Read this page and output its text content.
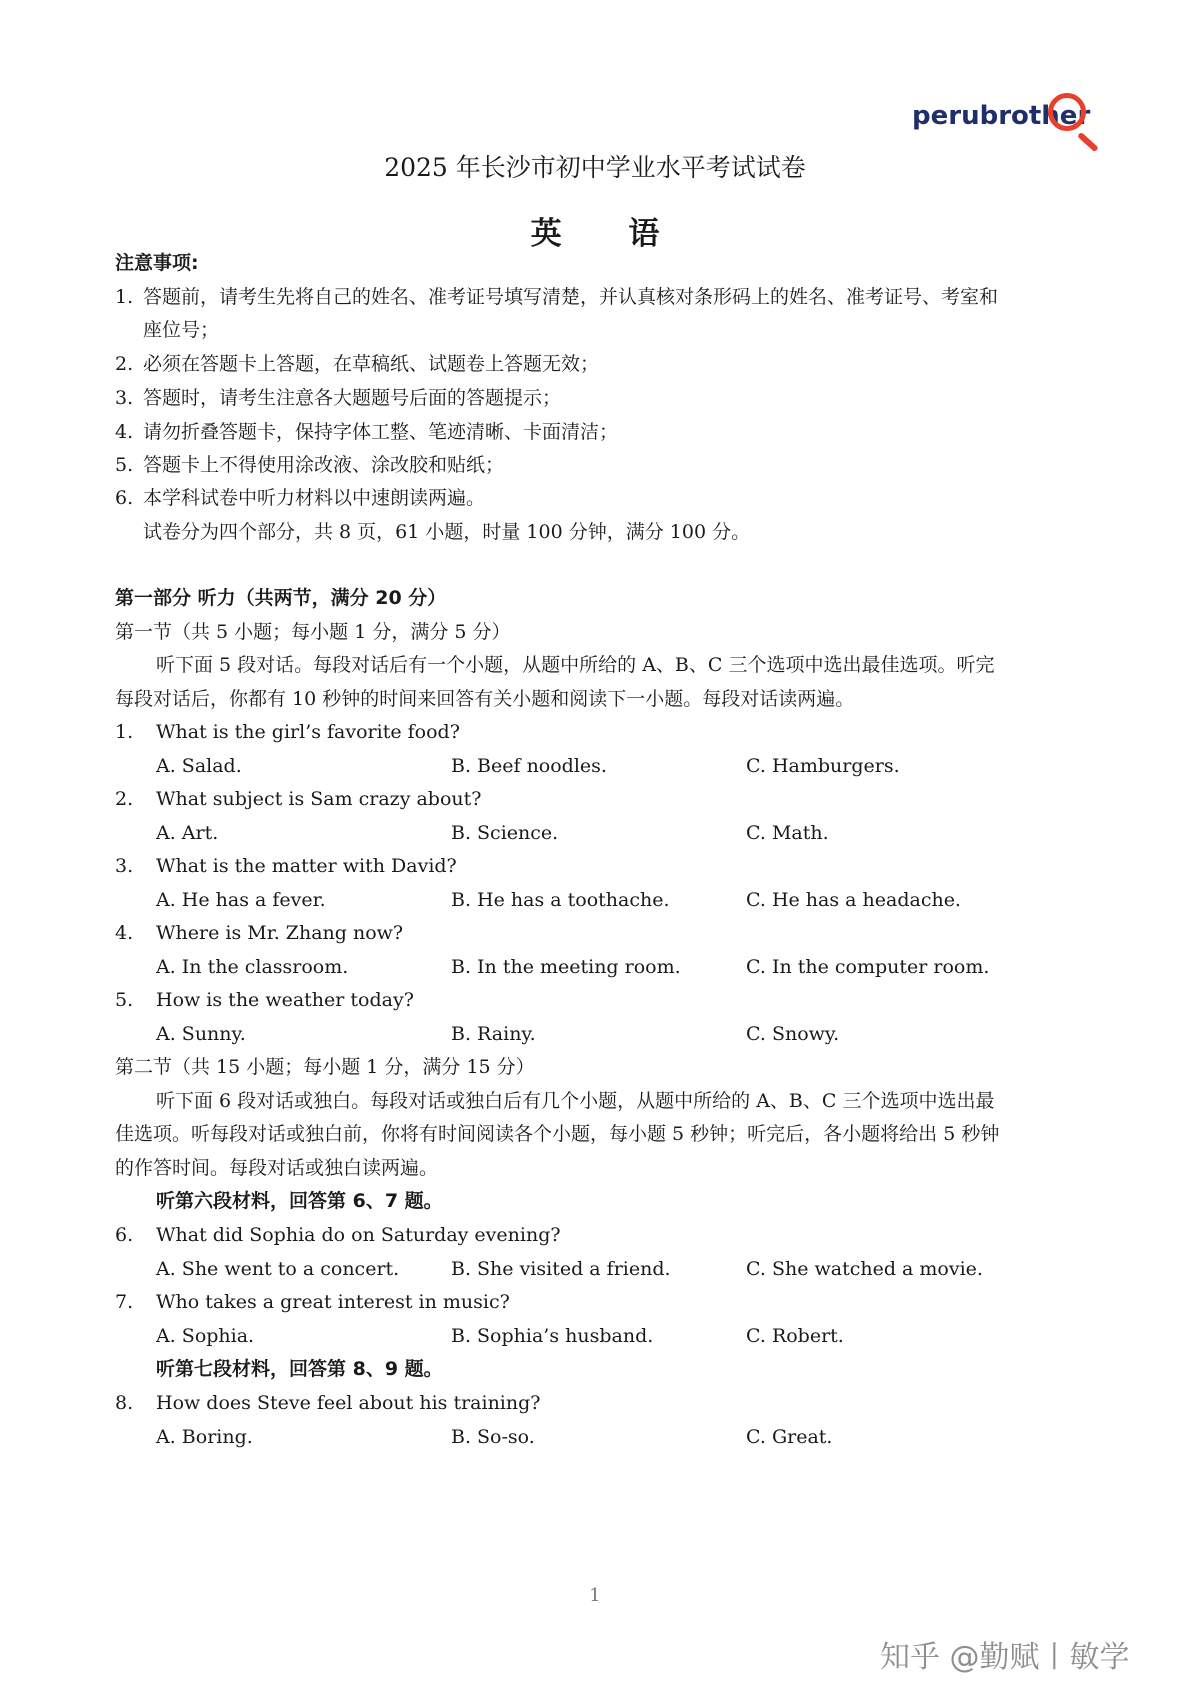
perubrother
2025 年长沙市初中学业水平考试试卷
英 语
注意事项:
1. 答题前，请考生先将自己的姓名、准考证号填写清楚，并认真核对条形码上的姓名、准考证号、考室和
座位号；
2. 必须在答题卡上答题，在草稿纸、试题卷上答题无效；
3. 答题时，请考生注意各大题题号后面的答题提示；
4. 请勿折叠答题卡，保持字体工整、笔迹清晰、卡面清洁；
5. 答题卡上不得使用涂改液、涂改胶和贴纸；
6. 本学科试卷中听力材料以中速朗读两遍。
试卷分为四个部分，共 8 页，61 小题，时量 100 分钟，满分 100 分。
第一部分 听力（共两节，满分 20 分）
第一节（共 5 小题；每小题 1 分，满分 5 分）
听下面 5 段对话。每段对话后有一个小题，从题中所给的 A、B、C 三个选项中选出最佳选项。听完
每段对话后，你都有 10 秒钟的时间来回答有关小题和阅读下一小题。每段对话读两遍。
1. What is the girl’s favorite food?
A. Salad.	B. Beef noodles.	C. Hamburgers.
2. What subject is Sam crazy about?
A. Art.	B. Science.	C. Math.
3. What is the matter with David?
A. He has a fever.	B. He has a toothache.	C. He has a headache.
4. Where is Mr. Zhang now?
A. In the classroom.	B. In the meeting room.	C. In the computer room.
5. How is the weather today?
A. Sunny.	B. Rainy.	C. Snowy.
第二节（共 15 小题；每小题 1 分，满分 15 分）
听下面 6 段对话或独白。每段对话或独白后有几个小题，从题中所给的 A、B、C 三个选项中选出最
佳选项。听每段对话或独白前，你将有时间阅读各个小题，每小题 5 秒钟；听完后，各小题将给出 5 秒钟
的作答时间。每段对话或独白读两遍。
听第六段材料，回答第 6、7 题。
6. What did Sophia do on Saturday evening?
A. She went to a concert.	B. She visited a friend.	C. She watched a movie.
7. Who takes a great interest in music?
A. Sophia.	B. Sophia’s husband.	C. Robert.
听第七段材料，回答第 8、9 题。
8. How does Steve feel about his training?
A. Boring.	B. So-so.	C. Great.
1
知乎 @勤赋丨敏学
